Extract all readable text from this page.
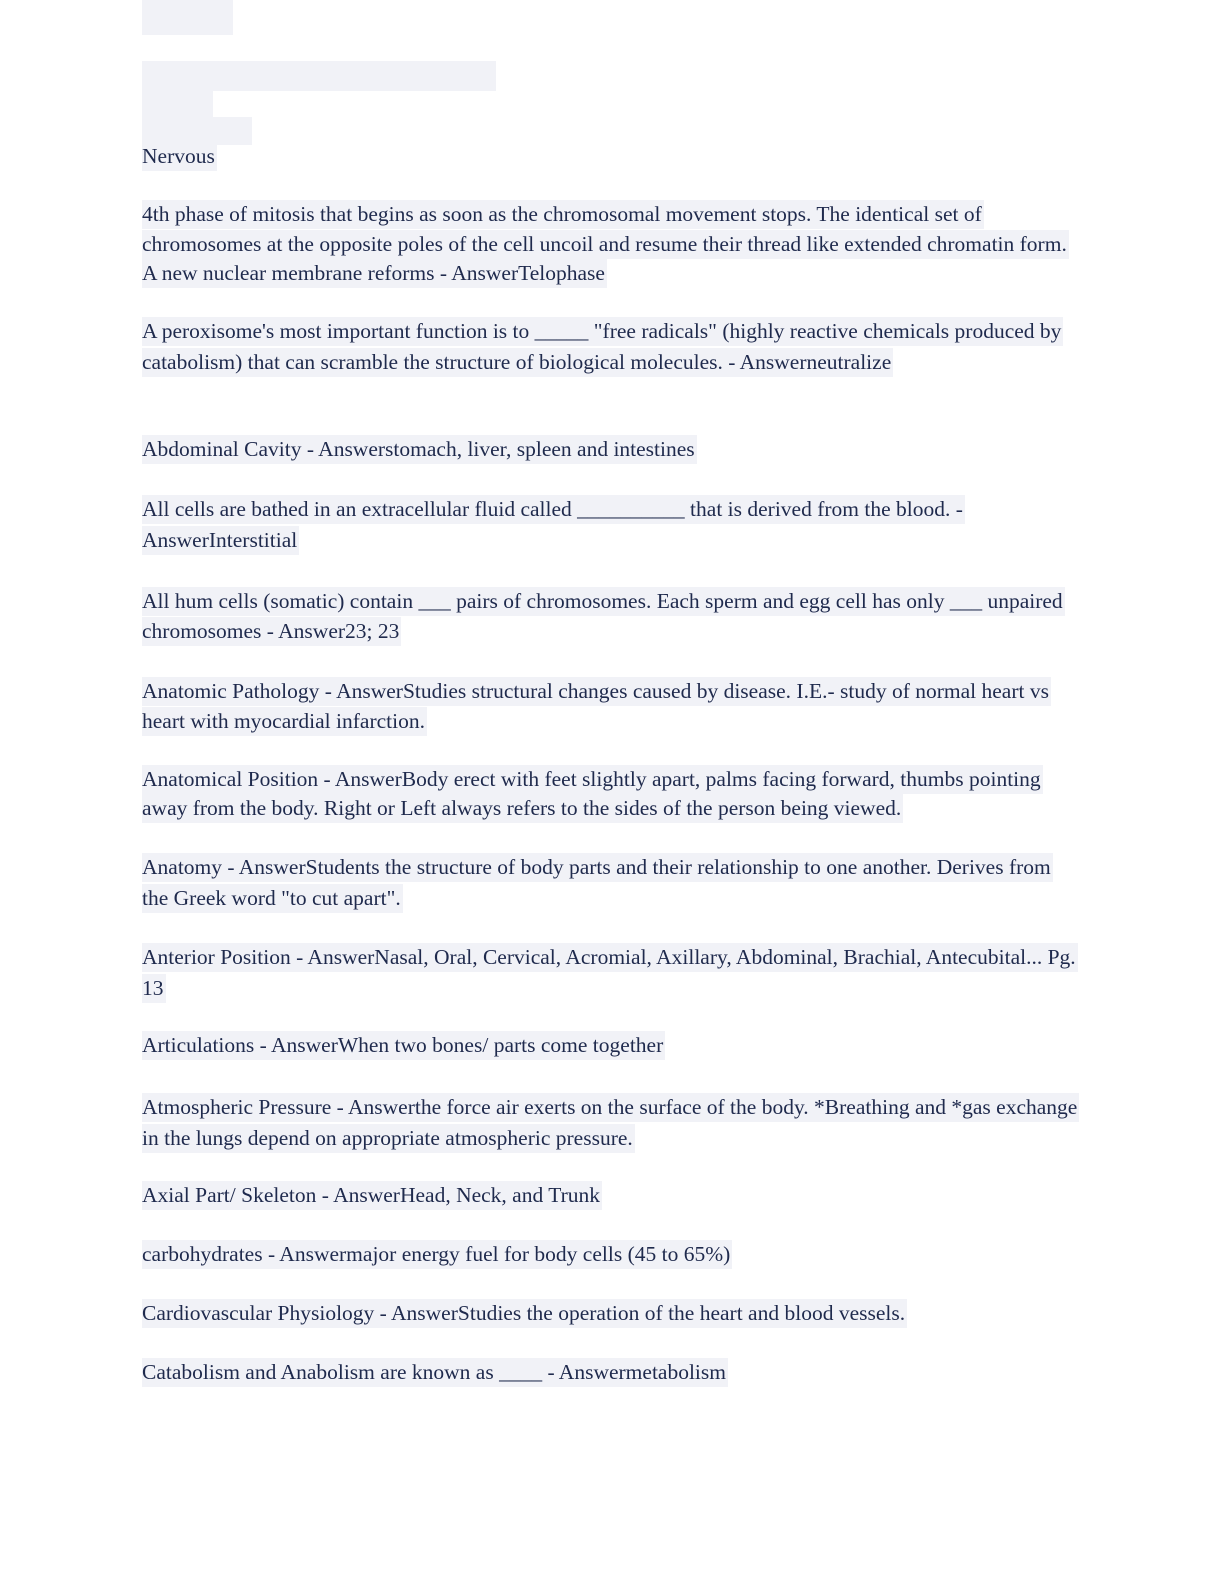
Nervous

4th phase of mitosis that begins as soon as the chromosomal movement stops. The identical set of chromosomes at the opposite poles of the cell uncoil and resume their thread like extended chromatin form. A new nuclear membrane reforms - AnswerTelophase

A peroxisome's most important function is to _____ "free radicals" (highly reactive chemicals produced by catabolism) that can scramble the structure of biological molecules. - Answerneutralize

Abdominal Cavity - Answerstomach, liver, spleen and intestines

All cells are bathed in an extracellular fluid called __________ that is derived from the blood. - AnswerInterstitial

All hum cells (somatic) contain ___ pairs of chromosomes. Each sperm and egg cell has only ___ unpaired chromosomes - Answer23; 23

Anatomic Pathology - AnswerStudies structural changes caused by disease. I.E.- study of normal heart vs heart with myocardial infarction.

Anatomical Position - AnswerBody erect with feet slightly apart, palms facing forward, thumbs pointing away from the body. Right or Left always refers to the sides of the person being viewed.

Anatomy - AnswerStudents the structure of body parts and their relationship to one another. Derives from the Greek word "to cut apart".

Anterior Position - AnswerNasal, Oral, Cervical, Acromial, Axillary, Abdominal, Brachial, Antecubital... Pg. 13

Articulations - AnswerWhen two bones/ parts come together

Atmospheric Pressure - Answerthe force air exerts on the surface of the body. *Breathing and *gas exchange in the lungs depend on appropriate atmospheric pressure.

Axial Part/ Skeleton - AnswerHead, Neck, and Trunk

carbohydrates - Answermajor energy fuel for body cells (45 to 65%)

Cardiovascular Physiology - AnswerStudies the operation of the heart and blood vessels.

Catabolism and Anabolism are known as ____ - Answermetabolism
